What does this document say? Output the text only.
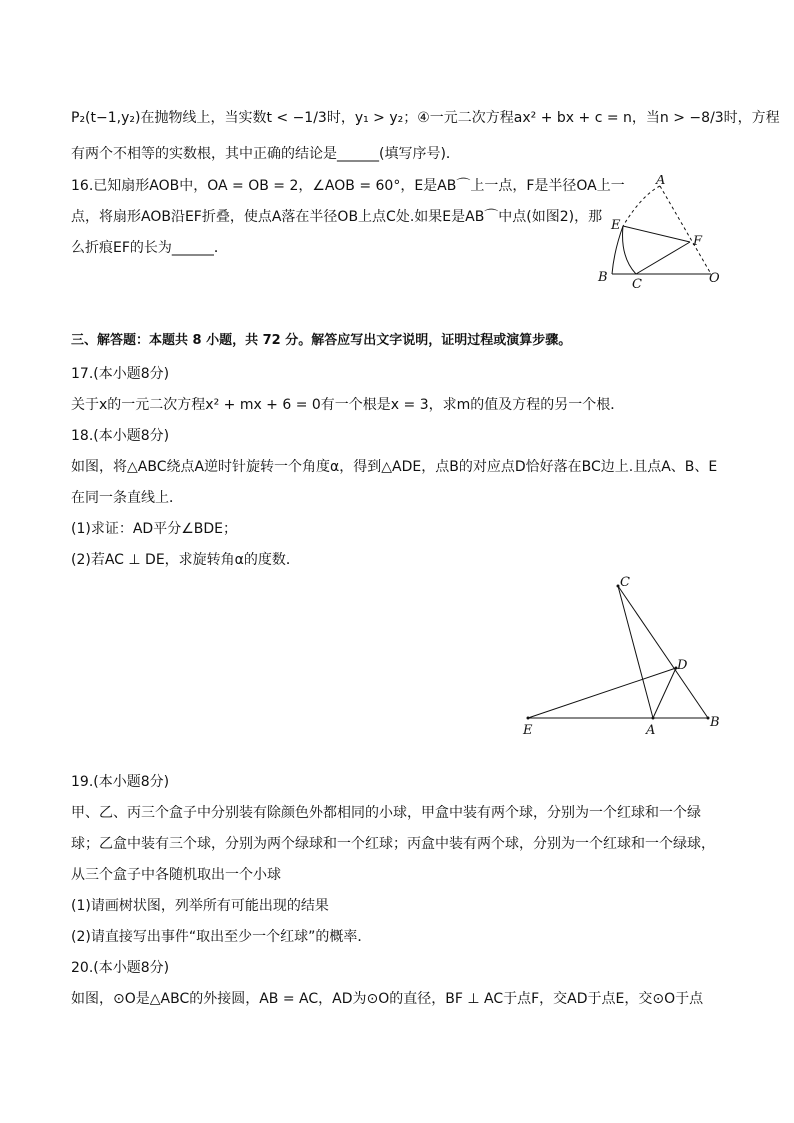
P₂(t−1,y₂)在抛物线上，当实数t < −1/3时，y₁ > y₂；④一元二次方程ax² + bx + c = n，当n > −8/3时，方程
有两个不相等的实数根，其中正确的结论是______(填写序号)．
16.已知扇形AOB中，OA = OB = 2，∠AOB = 60°，E是AB⌒上一点，F是半径OA上一
点，将扇形AOB沿EF折叠，使点A落在半径OB上点C处.如果E是AB⌒中点(如图2)，那
么折痕EF的长为______．
A
E
F
B C	O
三、解答题：本题共 8 小题，共 72 分。解答应写出文字说明，证明过程或演算步骤。
17.(本小题8分)
关于x的一元二次方程x² + mx + 6 = 0有一个根是x = 3，求m的值及方程的另一个根．
18.(本小题8分)
如图，将△ABC绕点A逆时针旋转一个角度α，得到△ADE，点B的对应点D恰好落在BC边上.且点A、B、E
在同一条直线上．
(1)求证：AD平分∠BDE；
(2)若AC ⊥ DE，求旋转角α的度数．
C
D
E	A
B
19.(本小题8分)
甲、乙、丙三个盒子中分别装有除颜色外都相同的小球，甲盒中装有两个球，分别为一个红球和一个绿
球；乙盒中装有三个球，分别为两个绿球和一个红球；丙盒中装有两个球，分别为一个红球和一个绿球，
从三个盒子中各随机取出一个小球
(1)请画树状图，列举所有可能出现的结果
(2)请直接写出事件“取出至少一个红球”的概率．
20.(本小题8分)
如图，⊙O是△ABC的外接圆，AB = AC，AD为⊙O的直径，BF ⊥ AC于点F，交AD于点E，交⊙O于点
